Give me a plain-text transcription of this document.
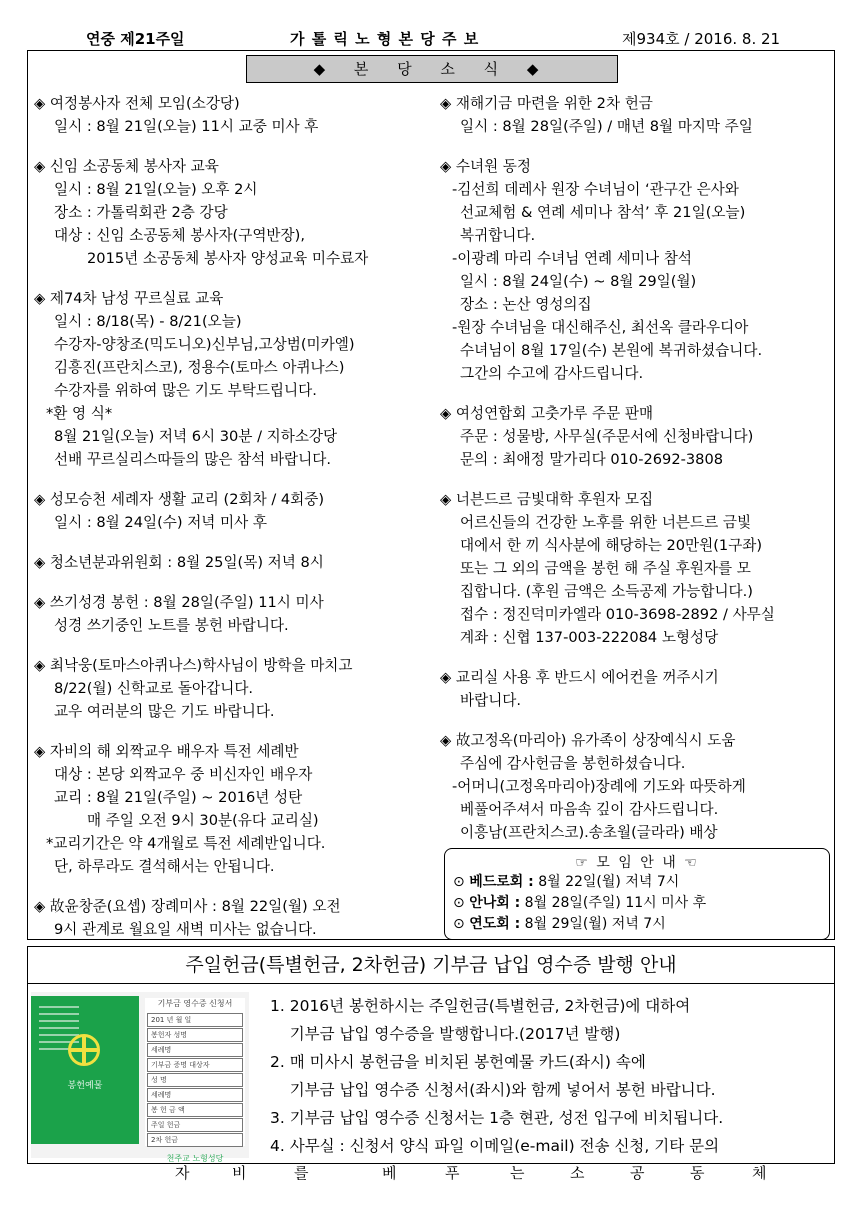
연중 제21주일	가 톨 릭 노 형 본 당 주 보	제934호 / 2016. 8. 21
◆ 본 당 소 식 ◆

◈ 여정봉사자 전체 모임(소강당)

일시 : 8월 21일(오늘) 11시 교중 미사 후

◈ 신임 소공동체 봉사자 교육

일시 : 8월 21일(오늘) 오후 2시

장소 : 가톨릭회관 2층 강당

대상 : 신임 소공동체 봉사자(구역반장),

2015년 소공동체 봉사자 양성교육 미수료자

◈ 제74차 남성 꾸르실료 교육

일시 : 8/18(목) - 8/21(오늘)

수강자-양창조(믹도니오)신부님,고상범(미카엘)

김흥진(프란치스코), 정용수(토마스 아퀴나스)

수강자를 위하여 많은 기도 부탁드립니다.

*환 영 식*

8월 21일(오늘) 저녁 6시 30분 / 지하소강당

선배 꾸르실리스따들의 많은 참석 바랍니다.

◈ 성모승천 세례자 생활 교리 (2회차 / 4회중)

일시 : 8월 24일(수) 저녁 미사 후

◈ 청소년분과위원회 : 8월 25일(목) 저녁 8시

◈ 쓰기성경 봉헌 : 8월 28일(주일) 11시 미사

성경 쓰기중인 노트를 봉헌 바랍니다.

◈ 최낙웅(토마스아퀴나스)학사님이 방학을 마치고

8/22(월) 신학교로 돌아갑니다.

교우 여러분의 많은 기도 바랍니다.

◈ 자비의 해 외짝교우 배우자 특전 세례반

대상 : 본당 외짝교우 중 비신자인 배우자

교리 : 8월 21일(주일) ~ 2016년 성탄

매 주일 오전 9시 30분(유다 교리실)

*교리기간은 약 4개월로 특전 세례반입니다.

단, 하루라도 결석해서는 안됩니다.

◈ 故윤창준(요셉) 장례미사 : 8월 22일(월) 오전

9시 관계로 월요일 새벽 미사는 없습니다.

◈ 재해기금 마련을 위한 2차 헌금

일시 : 8월 28일(주일) / 매년 8월 마지막 주일

◈ 수녀원 동정

-김선희 데레사 원장 수녀님이 ‘관구간 은사와

선교체험 & 연례 세미나 참석’ 후 21일(오늘)

복귀합니다.

-이광례 마리 수녀님 연례 세미나 참석

일시 : 8월 24일(수) ~ 8월 29일(월)

장소 : 논산 영성의집

-원장 수녀님을 대신해주신, 최선옥 클라우디아

수녀님이 8월 17일(수) 본원에 복귀하셨습니다.

그간의 수고에 감사드립니다.

◈ 여성연합회 고춧가루 주문 판매

주문 : 성물방, 사무실(주문서에 신청바랍니다)

문의 : 최애정 말가리다 010-2692-3808

◈ 너븐드르 금빛대학 후원자 모집

어르신들의 건강한 노후를 위한 너븐드르 금빛

대에서 한 끼 식사분에 해당하는 20만원(1구좌)

또는 그 외의 금액을 봉헌 해 주실 후원자를 모

집합니다. (후원 금액은 소득공제 가능합니다.)

접수 : 정진덕미카엘라 010-3698-2892 / 사무실

계좌 : 신협 137-003-222084 노형성당

◈ 교리실 사용 후 반드시 에어컨을 꺼주시기

바랍니다.

◈ 故고정옥(마리아) 유가족이 상장예식시 도움

주심에 감사헌금을 봉헌하셨습니다.

-어머니(고정옥마리아)장례에 기도와 따뜻하게

베풀어주셔서 마음속 깊이 감사드립니다.

이흥남(프란치스코).송초월(글라라) 배상

☞ 모 임 안 내 ☜
⊙ 베드로회 : 8월 22일(월) 저녁 7시
⊙ 안나회 : 8월 28일(주일) 11시 미사 후
⊙ 연도회 : 8월 29일(월) 저녁 7시
주일헌금(특별헌금, 2차헌금) 기부금 납입 영수증 발행 안내
봉헌예물
기부금 영수증 신청서
201 년 월 일
봉헌자 성명
세례명
기부금 증명 대상자
성 명
세례명
봉 헌 금 액
주일 헌금
2차 헌금
천주교 노형성당

1. 2016년 봉헌하시는 주일헌금(특별헌금, 2차헌금)에 대하여

기부금 납입 영수증을 발행합니다.(2017년 발행)

2. 매 미사시 봉헌금을 비치된 봉헌예물 카드(좌시) 속에

기부금 납입 영수증 신청서(좌시)와 함께 넣어서 봉헌 바랍니다.

3. 기부금 납입 영수증 신청서는 1층 현관, 성전 입구에 비치됩니다.

4. 사무실 : 신청서 양식 파일 이메일(e-mail) 전송 신청, 기타 문의

자	비	를	베	푸	는	소	공	동	체
